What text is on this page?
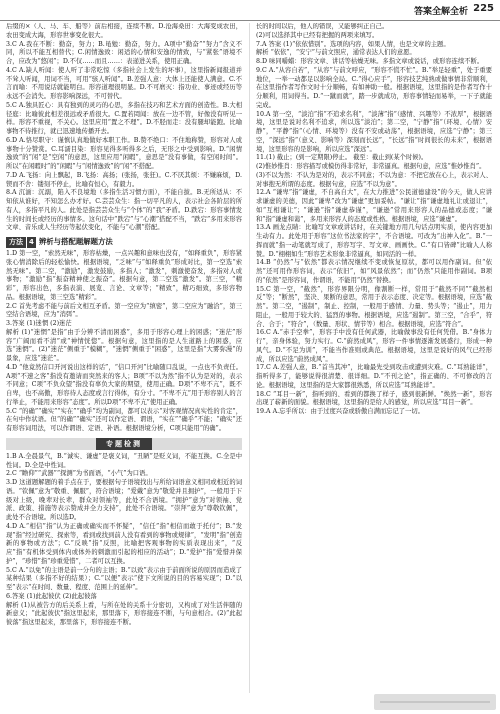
答案全解全析 225

后缀的×（人、马、车、船等）前后相接，连续不断。D.沧海桑田：大海变成农田，农田变成大海，形容世事变化很大。

3.C A.我在不断：勤奋，努力；B.黾勉：勤奋，努力。A项中“勤奋”“努力”含义不同，所以不能互相替代；C.闲情逸致：闲适的心情和安逸的情致，与“紧张”语境不合，应改为“悠闲”；D.不仅……而且……：表递进关系，使用正确。

4.C A.缺人听闻：使人听了非常吃惊（多指社会上发生的坏事），这里指新闻报道并不耸人听闻，用词不当，可用“骇人听闻”。B.差强人意：大体上还能使人满意。C.不言而喻：不用说话就能明白。形容道理很明显。D.不可磨灭：指功业、事迹或经历等永远不会消失。形容影响深远，不可替代。

5.C A.独具匠心：具有独到的灵巧的心思，多指在技巧和艺术方面的创造性。B.大相径庭：比喻彼此相差很远或矛盾很大。C.置若罔闻：放在一边不管，好像没有听见一样。形容不重视，不关心。这里应用“置之不理”。D.不胫而走：没有腿却能跑。比喻事物不待推行，就已迅速地传播开去。

6.D A.恪尽职守：谨慎认真地做好本职工作。B.赞不绝口：不住地称赞，形容对人或事物十分赞赏。C.耳濡目染：形容见得多听得多之后，无形之中受到影响。D.“闲情逸致”的“闲”是“空闲”的意思，这里应用“闲暇”，意思是“没有事做，有空闲时间”。所以“在闲暇时”的“闲暇”与“闲情逸致”的“闲”不搭配。

7.D A.飞扬：向上飘起，B.飞扬：高扬；(张扬，张狂)。C.不厌其烦：不嫌麻烦，D.锲而不舍：镂刻不停止，比喻有恒心，有毅力。

8.A 沉湎：沉溺，陷入不良境地（多指生活习惯方面），不能自拔。B.无所适从：不知依从谁好，不知怎么办才好。C.芸芸众生：指一切平凡的人，表示社会各阶层的所有人，多指平凡的人。此处是指芸芸众生与“个体”的“我”矛盾。D.跌宕：形容事情发生的时间长或经历的事情多。这句话中“跌宕”与“心潮”搭配不当，“跌宕”多用来形容文章、音乐或人生经历等起伏变化，不能与“心潮”搭配。

方法 4 辨析与搭配题解题方法

1.D 第一空，“索然无味”，形容枯燥，一点兴趣和意味也没有，“如释重负”，形容紧张心情消除后的轻松愉快。根据语境，“乏味”与“如释重负”形成对比，第一空选“索然无味”。第二空，“激励”，激发鼓励，多指人；“激发”，刺激使奋发，多指对人或事物；“激励”指“振奋精神使之振奋”。根据句意，第二空选“激发”。第三空，“精彩”，形容出色，多指表演、展览、言论、文章等；“精致”，精巧细致，多形容物品。根据语境，第三空选“精彩”。

2.C 首先考虑不能与前后文相互矛盾。第一空应为“缜密”，第二空应为“融洽”，第三空结合语境，应为“消弭”。

3.答案 (1)迷惘 (2)迷茫

解析 (1)“迷惘”是指“由于分辨不清而困惑”，多用于形容心理上的困惑；“迷茫”形容“广阔而看不清”或“神情恍惚”。根据句意，这里指的是人生道路上的困惑，应选“迷惘”。(2)“迷茫”侧重于“模糊”，“迷惘”侧重于“困惑”，这里是指“大雾弥漫”的景象，应选“迷茫”。

4.D “他竟然信口开河说出这样的话”，“信口开河”比喻随口乱说，一点也不负责任。A项“不速之客”指没有邀请而突然来的客人；B项“不以为然”指不认为是对的，表示不同意；C项“不负众望”指没有辜负大家的期望，使用正确。D项“不卑不亢”，既不自卑，也不高傲，形容待人态度或言行得体，有分寸。“不卑不亢”用于形容别人的言行举止，不能用来形容“态度”。所以D项“不卑不亢”使用正确。

5.C “的确”“确实”“实在”“确乎”均为副词，都可以表示“对客观情况真实性的肯定”，在句中作状语。但“的确”“确实”还可以作定语、谓语，“实在”“确乎”不能；“确实”还有形容词用法，可以作谓语、定语、补语。根据语境分析，C项只能用“的确”。

专题检测

1.B A.全晨景气，B.“诚实、谦虚”是褒义词，“丑陋”是贬义词，不能互换。C.全是中性词。D.全是中性词。

2.C “瞻仰”“武器”“探测”为书面语，“小气”为口语。

3.D 这道题解题的着手点在于，要根据句子语境找出与所给词语意义相同或相近的词语。“钦佩”意为“敬重、佩服”，符合语境；“爱戴”意为“敬爱并且拥护”，一般用于下级对上级，晚辈对长辈，群众对领袖等，此处不合语境。“拥护”意为“对领袖、党派、政策、措施等表示赞成并全力支持”，此处不合语境。“崇拜”意为“尊敬钦佩”，此处不合语境。所以选D。

4.D A.“相信”指“认为正确或确实而不怀疑”，“信任”指“相信而敢于托付”；B.“发现”指“经过研究、探索等，看到或找到前人没有看到的事物或规律”，“发明”指“创造新的事物或方法”；C.“反映”指“反照，比喻把客观事物的实质表现出来”，“反应”指“有机体受到体内或体外的刺激而引起的相应的活动”；D.“爱护”指“爱惜并保护”，“珍惜”指“珍重爱惜”，二者可以互换。

5.C A.“以免”的主语是前一分句的主语；B.“以致”表示由于前面所说的原因而造成了某种结果（多指不好的结果）；C.“以便”表示“使下文所说的目的容易实现”；D.“以至”表示“在时间、数量、程度、范围上的延伸”。

6.答案 (1)此起彼伏 (2)此起彼落

解析 (1)从被告方的后关系上看，与所在处的关系十分密切，又构成了对生活伴随的新意义；“此起彼伏”指这里起来，那里落下，形容接连不断，与句意相合。(2)“此起彼落”指这里起来，那里落下，形容接连不断。

长的时间以后，他人的错误，又能够纠正自己。

(2)可以选择其中已经有把握的两项来填写。

7.A 答案 (1)“依依惜别”。选项的内容，如果人情，也是文章的主题。

解析 “依依”，“安宁”与前文照应，通常表达人们的意愿。

8.D 味同嚼蜡：形容文章、讲话等枯燥无味。多指文章或说话，或形容连续不断。

9.C A.“从容自若”，“从容”与前文呼应，“形容不慌不忙”。B.“举足轻重”，处于重要地位，一举一动都足以影响全局。C.“得心应手”，形容技艺纯熟或做事情非常顺利，在这里指作者写作文时十分顺畅，有如神助一般。根据语境，这里指的是作者写作十分顺利，用词得当。D.“一蹴而就”，踏一步就成功，形容事情轻而易举，一下子就能完成。

10.A 第一空，“淡泊”指“不追求名利”，“淡薄”指“（感情、兴趣等）不浓厚”，根据语境，这里是说对名利不追求，所以选“淡泊”；第二空，“宁静”指“（环境、心情）安静”，“平静”指“（心情、环境等）没有不安或动荡”，根据语境，应选“宁静”；第三空，“深远”指“（意义、影响等）深刻而长远”，“长远”指“时间很长的未来”，根据语境，这里形容的是影响，所以应选“深远”。

11.(1) 截止；(到一定期限)停止。 截至：截止到(某个时候)。

(2)惟妙惟肖：形容描写或模仿得非常好，非常逼真。根据句意，应选“惟妙惟肖”。

(3)不以为然：不认为是对的，表示不同意；不以为意：不把它放在心上，表示对人、对事抱无所谓的态度。根据句意，应选“不以为意”。

12.A “谦卑”指“谦虚，不自高自大”，在大力推进“公民道德建设”的今天，做人应讲求谦虚的美德，因此“谦卑”改为“谦虚”更加妥帖。“谦让”指“谦虚地礼让或退让”，如“互相谦让”；“谦逊”指“谦虚恭谨”，“谦逊”常用来形容人的品德或态度；“谦和”指“谦虚和蔼”，多用来形容人的态度或性格。根据语境，应选“谦虚”。

13.A 画龙点睛：比喻写文章或讲话时，在关键地方用几句话点明实质，使内容更加生动有力。此处用于形容“这位书法家的字”，不合语境。可改为“出神入化”。B.“一挥而就”指一动笔就写成了，形容写字、写文章、画画快。C.“有口皆碑”比喻人人称赞。D.“栩栩如生”形容艺术形象非常逼真，如同活的一样。

14.B “仍然”与“依然”都表示情况继续不变或恢复原状，都可以用作副词。但“依然”还可用作形容词，表示“依旧”，如“风景依然”；而“仍然”只能用作副词。B项的“依然”是形容词，作谓语，不能用“仍然”替换。

15.C 第一空，“截然”，形容界限分明，像割断一样，常用于“截然不同”“截然相反”等；“断然”，坚决、果断的意思，常用于表示态度、决定等。根据语境，应选“截然”。第二空，“遏制”，制止、控制，一般用于感情、力量、势头等；“遏止”，用力阻止，一般用于较大的、猛烈的事物。根据语境，应选“遏制”。第三空，“合乎”，符合、合于；“符合”，（数量、形状、情节等）相合。根据语境，应选“符合”。

16.C A.“赤手空拳”，形容手中没有任何武器，比喻做事没有任何凭借。B.“身体力行”，亲身体验，努力实行。C.“蔚然成风”，形容一件事情逐渐发展盛行，形成一种风气。D.“不足为训”，不能当作准则或典范。根据语境，这里是说好的风气已经形成，所以应选“蔚然成风”。

17.C A.差强人意，B.“首当其冲”，比喻最先受到攻击或遭到灾难。C.“耳熟能详”，指听得多了，能够说得很清楚、很详细。D.“不刊之论”，指正确的、不可修改的言论。根据语境，这里指的是大家都很熟悉，所以应选“耳熟能详”。

18.C “耳目一新”，指听到的、看到的都换了样子，感到很新鲜。“焕然一新”，形容出现了崭新的面貌。根据语境，这里指的是给人的感觉，所以应选“耳目一新”。

19.A A.忘乎所以：由于过度兴奋或骄傲自满而忘记了一切。
